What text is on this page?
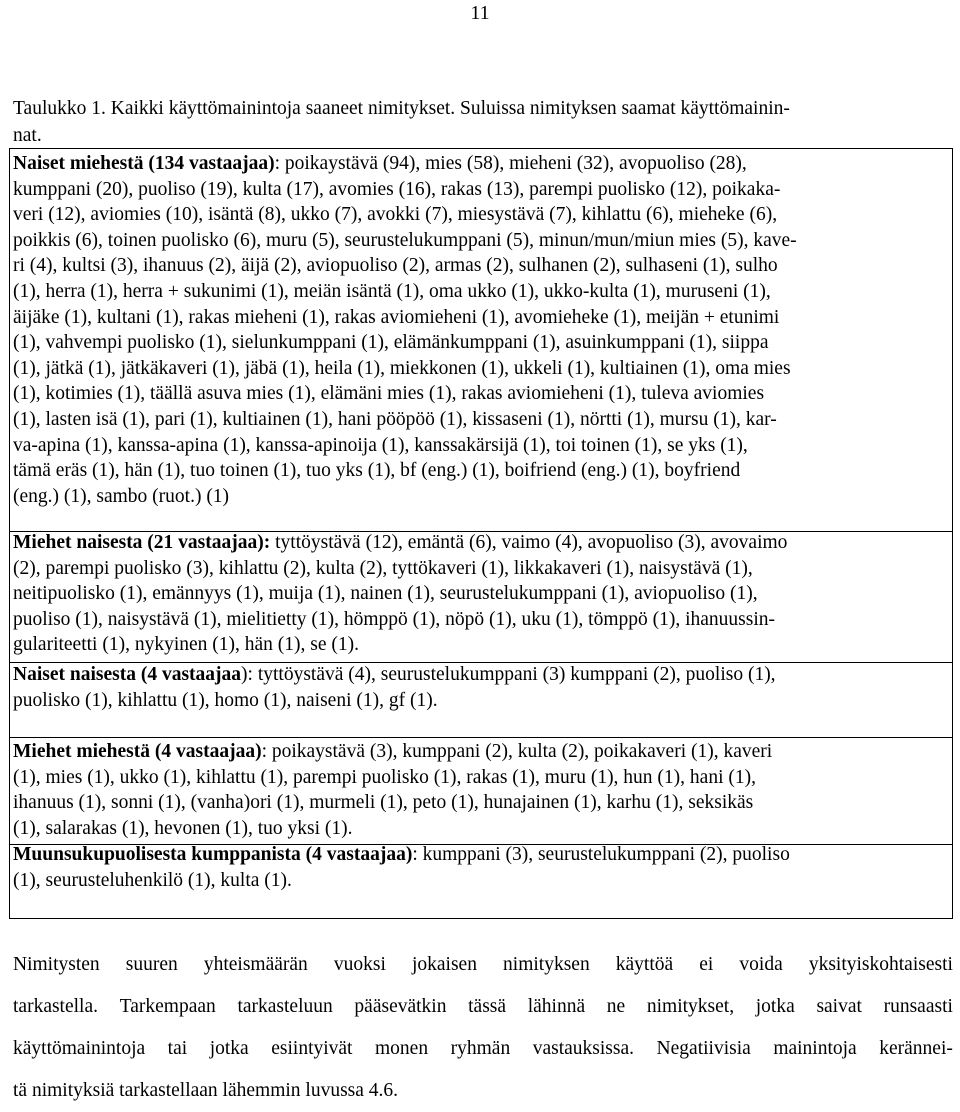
11
Taulukko 1. Kaikki käyttömainintoja saaneet nimitykset. Suluissa nimityksen saamat käyttömainin-
nat.
Naiset miehestä (134 vastaajaa): poikaystävä (94), mies (58), mieheni (32), avopuoliso (28),
kumppani (20), puoliso (19), kulta (17), avomies (16), rakas (13), parempi puolisko (12), poikaka-
veri (12), aviomies (10), isäntä (8), ukko (7), avokki (7), miesystävä (7), kihlattu (6), mieheke (6),
poikkis (6), toinen puolisko (6), muru (5), seurustelukumppani (5), minun/mun/miun mies (5), kave-
ri (4), kultsi (3), ihanuus (2), äijä (2), aviopuoliso (2), armas (2), sulhanen (2), sulhaseni (1), sulho
(1), herra (1), herra + sukunimi (1), meiän isäntä (1), oma ukko (1), ukko-kulta (1), muruseni (1),
äijäke (1), kultani (1), rakas mieheni (1), rakas aviomieheni (1), avomieheke (1), meijän + etunimi
(1), vahvempi puolisko (1), sielunkumppani (1), elämänkumppani (1), asuinkumppani (1), siippa
(1), jätkä (1), jätkäkaveri (1), jäbä (1), heila (1), miekkonen (1), ukkeli (1), kultiainen (1), oma mies
(1), kotimies (1), täällä asuva mies (1), elämäni mies (1), rakas aviomieheni (1), tuleva aviomies
(1), lasten isä (1), pari (1), kultiainen (1), hani pööpöö (1), kissaseni (1), nörtti (1), mursu (1), kar-
va-apina (1), kanssa-apina (1), kanssa-apinoija (1), kanssakärsijä (1), toi toinen (1), se yks (1),
tämä eräs (1), hän (1), tuo toinen (1), tuo yks (1), bf (eng.) (1), boifriend (eng.) (1), boyfriend
(eng.) (1), sambo (ruot.) (1)
Miehet naisesta (21 vastaajaa): tyttöystävä (12), emäntä (6), vaimo (4), avopuoliso (3), avovaimo
(2), parempi puolisko (3), kihlattu (2), kulta (2), tyttökaveri (1), likkakaveri (1), naisystävä (1),
neitipuolisko (1), emännyys (1), muija (1), nainen (1), seurustelukumppani (1), aviopuoliso (1),
puoliso (1), naisystävä (1), mielitietty (1), hömppö (1), nöpö (1), uku (1), tömppö (1), ihanuussin-
gulariteetti (1), nykyinen (1), hän (1), se (1).
Naiset naisesta (4 vastaajaa): tyttöystävä (4), seurustelukumppani (3) kumppani (2), puoliso (1),
puolisko (1), kihlattu (1), homo (1), naiseni (1), gf (1).
Miehet miehestä (4 vastaajaa): poikaystävä (3), kumppani (2), kulta (2), poikakaveri (1), kaveri
(1), mies (1), ukko (1), kihlattu (1), parempi puolisko (1), rakas (1), muru (1), hun (1), hani (1),
ihanuus (1), sonni (1), (vanha)ori (1), murmeli (1), peto (1), hunajainen (1), karhu (1), seksikäs
(1), salarakas (1), hevonen (1), tuo yksi (1).
Muunsukupuolisesta kumppanista (4 vastaajaa): kumppani (3), seurustelukumppani (2), puoliso
(1), seurusteluhenkilö (1), kulta (1).
Nimitysten suuren yhteismäärän vuoksi jokaisen nimityksen käyttöä ei voida yksityiskohtaisesti
tarkastella. Tarkempaan tarkasteluun pääsevätkin tässä lähinnä ne nimitykset, jotka saivat runsaasti
käyttömainintoja tai jotka esiintyivät monen ryhmän vastauksissa. Negatiivisia mainintoja kerännei-
tä nimityksiä tarkastellaan lähemmin luvussa 4.6.
